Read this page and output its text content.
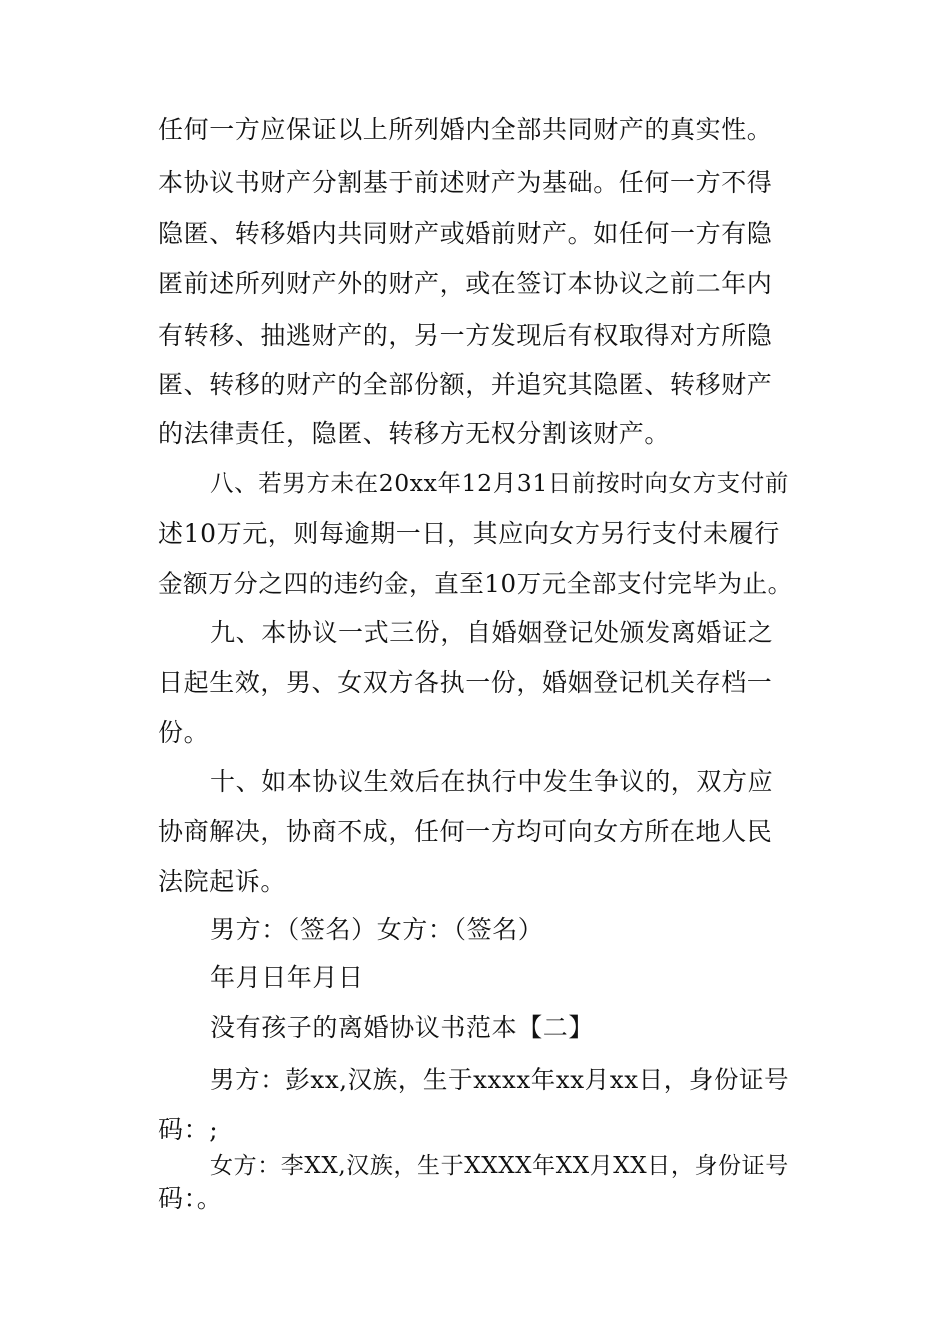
任何一方应保证以上所列婚内全部共同财产的真实性。
本协议书财产分割基于前述财产为基础。任何一方不得
隐匿、转移婚内共同财产或婚前财产。如任何一方有隐
匿前述所列财产外的财产，或在签订本协议之前二年内
有转移、抽逃财产的，另一方发现后有权取得对方所隐
匿、转移的财产的全部份额，并追究其隐匿、转移财产
的法律责任，隐匿、转移方无权分割该财产。
八、若男方未在20xx年12月31日前按时向女方支付前
述10万元，则每逾期一日，其应向女方另行支付未履行
金额万分之四的违约金，直至10万元全部支付完毕为止。
九、本协议一式三份，自婚姻登记处颁发离婚证之
日起生效，男、女双方各执一份，婚姻登记机关存档一
份。
十、如本协议生效后在执行中发生争议的，双方应
协商解决，协商不成，任何一方均可向女方所在地人民
法院起诉。
男方：（签名）女方：（签名）
年月日年月日
没有孩子的离婚协议书范本【二】
男方：彭xx,汉族，生于xxxx年xx月xx日，身份证号
码：;
女方：李XX,汉族，生于XXXX年XX月XX日，身份证号
码：。
